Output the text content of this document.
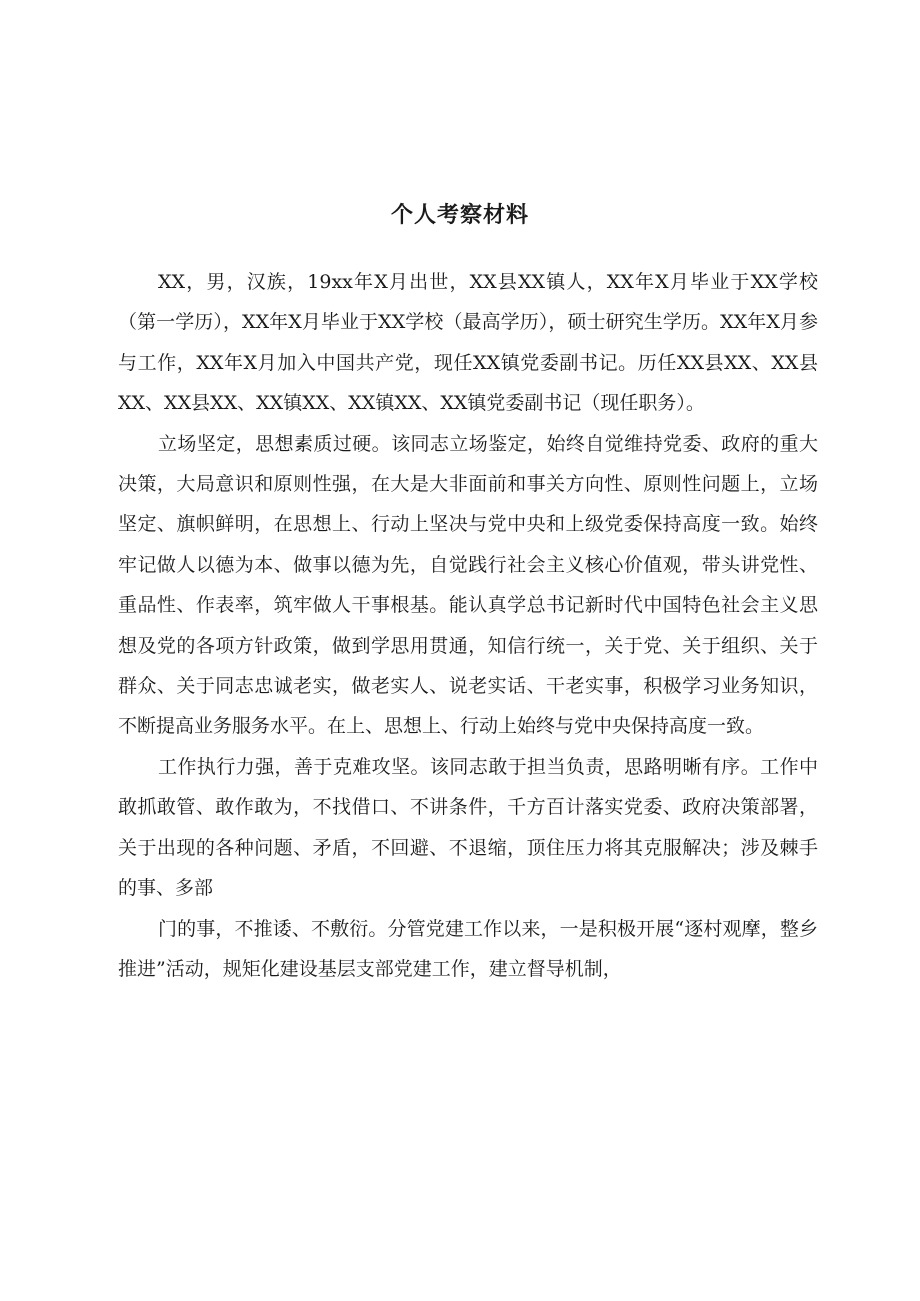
个人考察材料

XX，男，汉族，19xx年X月出世，XX县XX镇人，XX年X月毕业于XX学校（第一学历），XX年X月毕业于XX学校（最高学历），硕士研究生学历。XX年X月参与工作，XX年X月加入中国共产党，现任XX镇党委副书记。历任XX县XX、XX县XX、XX县XX、XX镇XX、XX镇XX、XX镇党委副书记（现任职务）。

立场坚定，思想素质过硬。该同志立场鉴定，始终自觉维持党委、政府的重大决策，大局意识和原则性强，在大是大非面前和事关方向性、原则性问题上，立场坚定、旗帜鲜明，在思想上、行动上坚决与党中央和上级党委保持高度一致。始终牢记做人以德为本、做事以德为先，自觉践行社会主义核心价值观，带头讲党性、重品性、作表率，筑牢做人干事根基。能认真学总书记新时代中国特色社会主义思想及党的各项方针政策，做到学思用贯通，知信行统一，关于党、关于组织、关于群众、关于同志忠诚老实，做老实人、说老实话、干老实事，积极学习业务知识，不断提高业务服务水平。在上、思想上、行动上始终与党中央保持高度一致。

工作执行力强，善于克难攻坚。该同志敢于担当负责，思路明晰有序。工作中敢抓敢管、敢作敢为，不找借口、不讲条件，千方百计落实党委、政府决策部署，关于出现的各种问题、矛盾，不回避、不退缩，顶住压力将其克服解决；涉及棘手的事、多部

门的事，不推诿、不敷衍。分管党建工作以来，一是积极开展“逐村观摩，整乡推进”活动，规矩化建设基层支部党建工作，建立督导机制，
